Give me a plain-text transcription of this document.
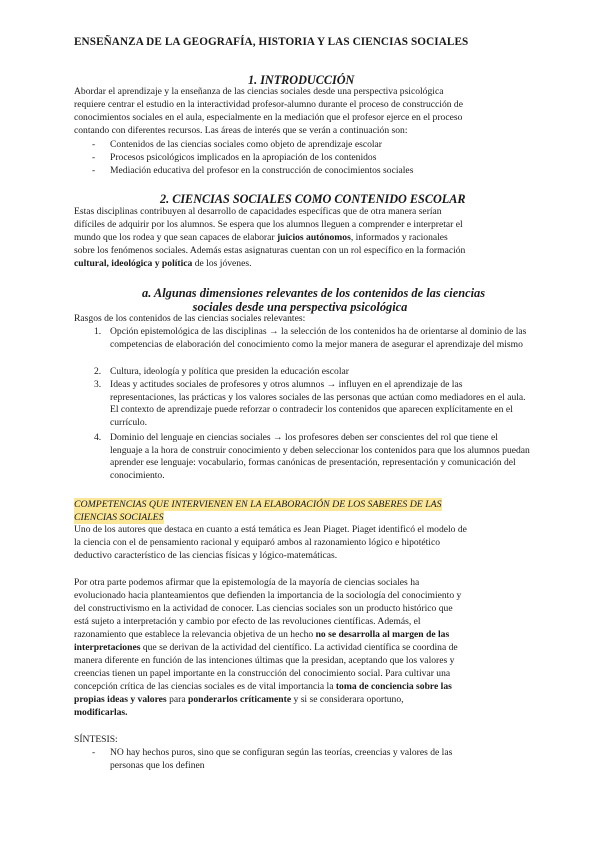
ENSEÑANZA DE LA GEOGRAFÍA, HISTORIA Y LAS CIENCIAS SOCIALES
1. INTRODUCCIÓN
Abordar el aprendizaje y la enseñanza de las ciencias sociales desde una perspectiva psicológica
requiere centrar el estudio en la interactividad profesor-alumno durante el proceso de construcción de
conocimientos sociales en el aula, especialmente en la mediación que el profesor ejerce en el proceso
contando con diferentes recursos. Las áreas de interés que se verán a continuación son:
- Contenidos de las ciencias sociales como objeto de aprendizaje escolar
- Procesos psicológicos implicados en la apropiación de los contenidos
- Mediación educativa del profesor en la construcción de conocimientos sociales
2. CIENCIAS SOCIALES COMO CONTENIDO ESCOLAR
Estas disciplinas contribuyen al desarrollo de capacidades específicas que de otra manera serían
difíciles de adquirir por los alumnos. Se espera que los alumnos lleguen a comprender e interpretar el
mundo que los rodea y que sean capaces de elaborar juicios autónomos, informados y racionales
sobre los fenómenos sociales. Además estas asignaturas cuentan con un rol específico en la formación
cultural, ideológica y política de los jóvenes.
a. Algunas dimensiones relevantes de los contenidos de las ciencias
sociales desde una perspectiva psicológica
Rasgos de los contenidos de las ciencias sociales relevantes:
1. Opción epistemológica de las disciplinas → la selección de los contenidos ha de orientarse al dominio de las competencias de elaboración del conocimiento como la mejor manera de asegurar el aprendizaje del mismo
2. Cultura, ideología y política que presiden la educación escolar
3. Ideas y actitudes sociales de profesores y otros alumnos → influyen en el aprendizaje de las representaciones, las prácticas y los valores sociales de las personas que actúan como mediadores en el aula. El contexto de aprendizaje puede reforzar o contradecir los contenidos que aparecen explícitamente en el currículo.
4. Dominio del lenguaje en ciencias sociales → los profesores deben ser conscientes del rol que tiene el lenguaje a la hora de construir conocimiento y deben seleccionar los contenidos para que los alumnos puedan aprender ese lenguaje: vocabulario, formas canónicas de presentación, representación y comunicación del conocimiento.
COMPETENCIAS QUE INTERVIENEN EN LA ELABORACIÓN DE LOS SABERES DE LAS
CIENCIAS SOCIALES
Uno de los autores que destaca en cuanto a está temática es Jean Piaget. Piaget identificó el modelo de
la ciencia con el de pensamiento racional y equiparó ambos al razonamiento lógico e hipotético
deductivo característico de las ciencias físicas y lógico-matemáticas.
Por otra parte podemos afirmar que la epistemología de la mayoría de ciencias sociales ha
evolucionado hacia planteamientos que defienden la importancia de la sociología del conocimiento y
del constructivismo en la actividad de conocer. Las ciencias sociales son un producto histórico que
está sujeto a interpretación y cambio por efecto de las revoluciones científicas. Además, el
razonamiento que establece la relevancia objetiva de un hecho no se desarrolla al margen de las
interpretaciones que se derivan de la actividad del científico. La actividad científica se coordina de
manera diferente en función de las intenciones últimas que la presidan, aceptando que los valores y
creencias tienen un papel importante en la construcción del conocimiento social. Para cultivar una
concepción crítica de las ciencias sociales es de vital importancia la toma de conciencia sobre las
propias ideas y valores para ponderarlos críticamente y si se considerara oportuno,
modificarlas.
SÍNTESIS:
- NO hay hechos puros, sino que se configuran según las teorías, creencias y valores de las
personas que los definen
